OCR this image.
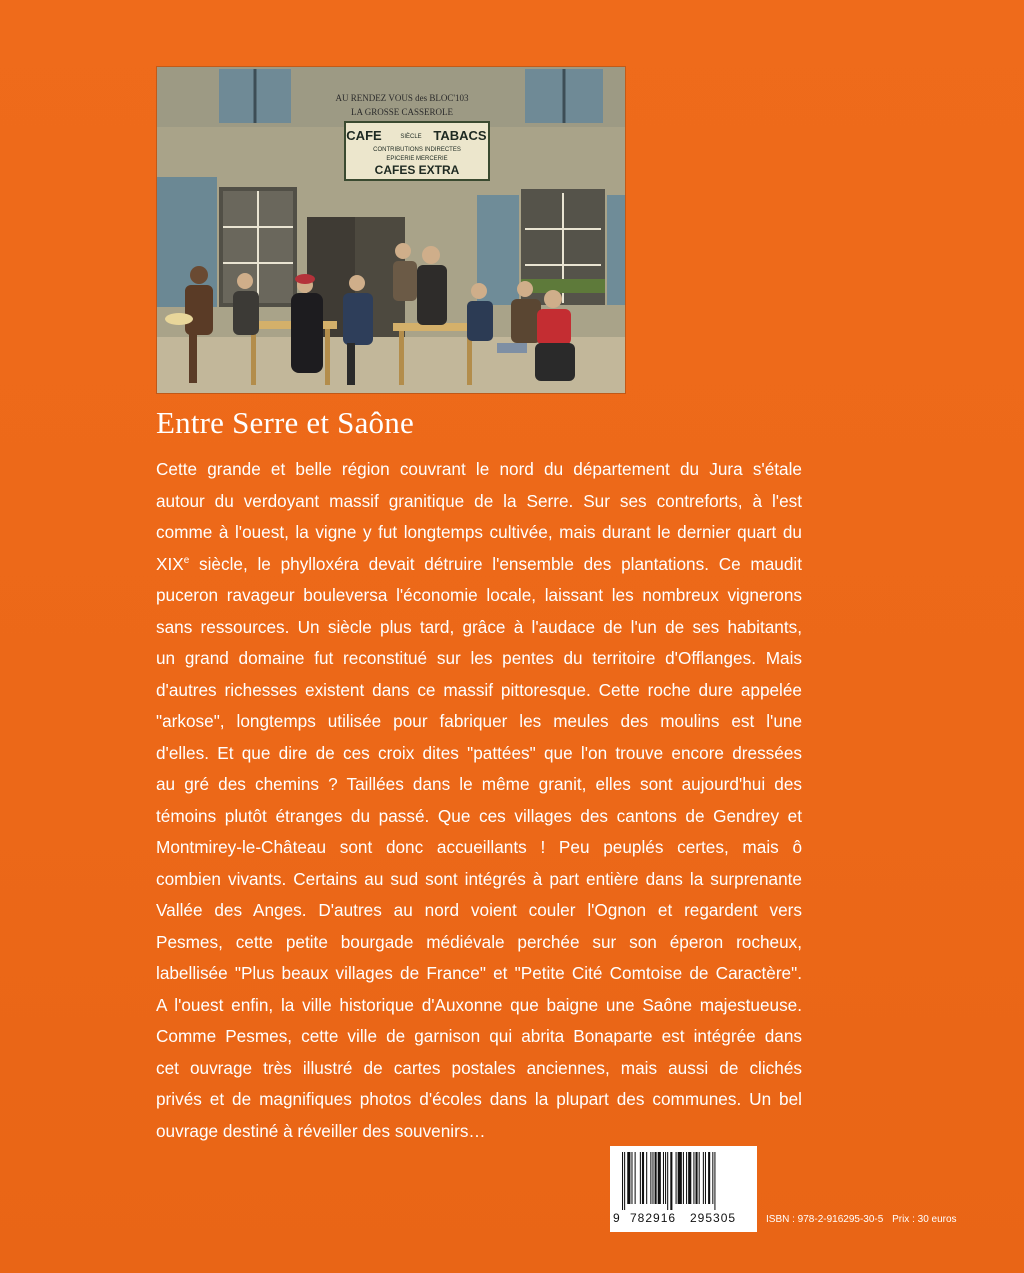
AU RENDEZ VOUS des BLOC'103
LA GROSSE CASSEROLE
CAFE	SIÈCLE TABACS
CONTRIBUTIONS INDIRECTES
EPICERIE MERCERIE
CAFES EXTRA
Entre Serre et Saône

Cette grande et belle région couvrant le nord du département du Jura s'étale

autour du verdoyant massif granitique de la Serre. Sur ses contreforts, à l'est

comme à l'ouest, la vigne y fut longtemps cultivée, mais durant le dernier quart du

XIXe siècle, le phylloxéra devait détruire l'ensemble des plantations. Ce maudit

puceron ravageur bouleversa l'économie locale, laissant les nombreux vignerons

sans ressources. Un siècle plus tard, grâce à l'audace de l'un de ses habitants,

un grand domaine fut reconstitué sur les pentes du territoire d'Offlanges. Mais

d'autres richesses existent dans ce massif pittoresque. Cette roche dure appelée

"arkose", longtemps utilisée pour fabriquer les meules des moulins est l'une

d'elles. Et que dire de ces croix dites "pattées" que l'on trouve encore dressées

au gré des chemins ? Taillées dans le même granit, elles sont aujourd'hui des

témoins plutôt étranges du passé. Que ces villages des cantons de Gendrey et

Montmirey-le-Château sont donc accueillants ! Peu peuplés certes, mais ô

combien vivants. Certains au sud sont intégrés à part entière dans la surprenante

Vallée des Anges. D'autres au nord voient couler l'Ognon et regardent vers

Pesmes, cette petite bourgade médiévale perchée sur son éperon rocheux,

labellisée "Plus beaux villages de France" et "Petite Cité Comtoise de Caractère".

A l'ouest enfin, la ville historique d'Auxonne que baigne une Saône majestueuse.

Comme Pesmes, cette ville de garnison qui abrita Bonaparte est intégrée dans

cet ouvrage très illustré de cartes postales anciennes, mais aussi de clichés

privés et de magnifiques photos d'écoles dans la plupart des communes. Un bel

ouvrage destiné à réveiller des souvenirs…

9 782916 295305	ISBN : 978-2-916295-30-5 Prix : 30 euros
